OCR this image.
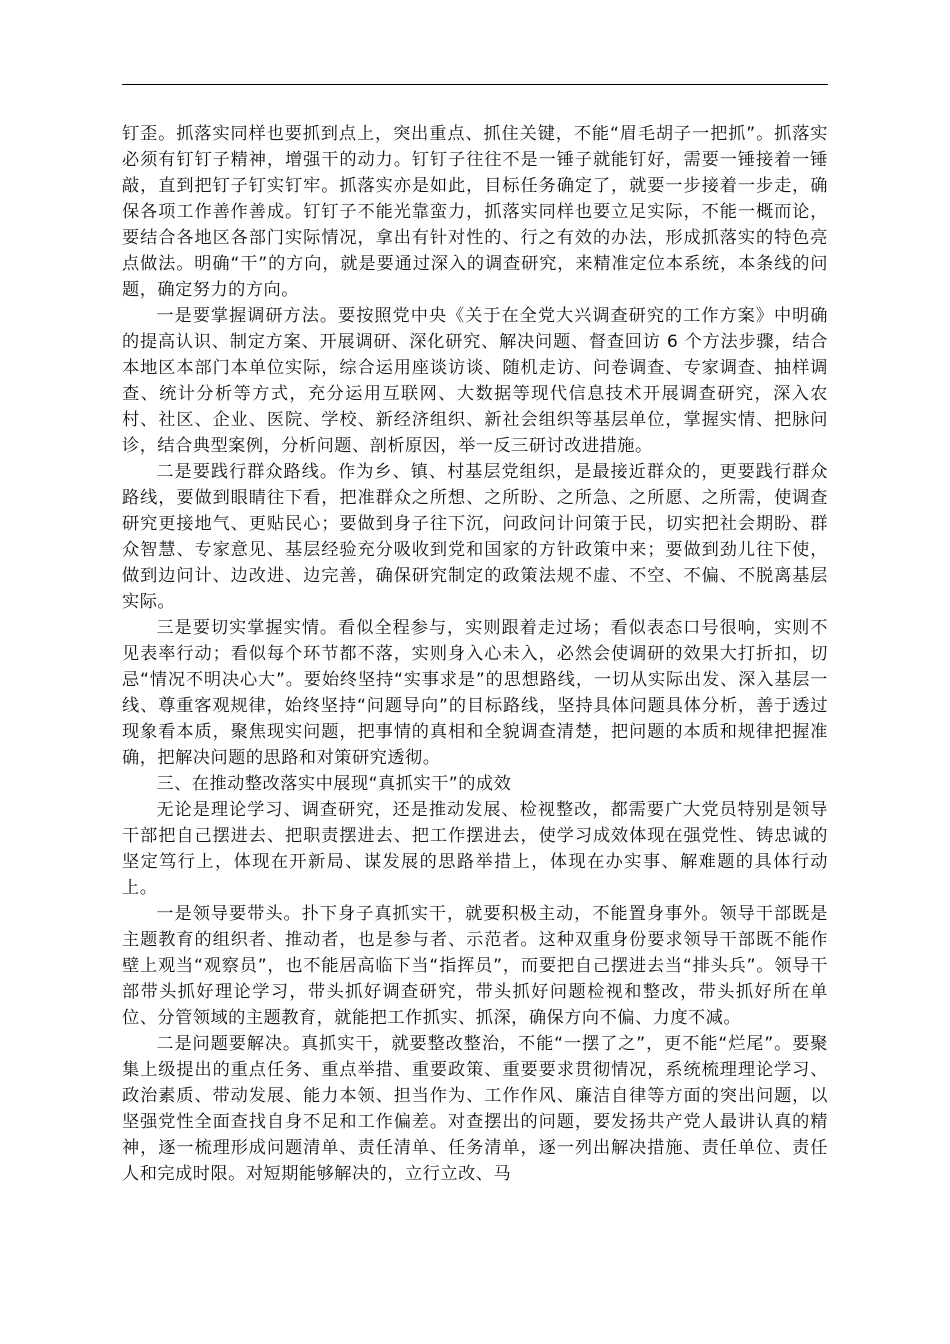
钉歪。抓落实同样也要抓到点上，突出重点、抓住关键，不能“眉毛胡子一把抓”。抓落实必须有钉钉子精神，增强干的动力。钉钉子往往不是一锤子就能钉好，需要一锤接着一锤敲，直到把钉子钉实钉牢。抓落实亦是如此，目标任务确定了，就要一步接着一步走，确保各项工作善作善成。钉钉子不能光靠蛮力，抓落实同样也要立足实际，不能一概而论，要结合各地区各部门实际情况，拿出有针对性的、行之有效的办法，形成抓落实的特色亮点做法。明确“干”的方向，就是要通过深入的调查研究，来精准定位本系统，本条线的问题，确定努力的方向。

一是要掌握调研方法。要按照党中央《关于在全党大兴调查研究的工作方案》中明确的提高认识、制定方案、开展调研、深化研究、解决问题、督查回访 6 个方法步骤，结合本地区本部门本单位实际，综合运用座谈访谈、随机走访、问卷调查、专家调查、抽样调查、统计分析等方式，充分运用互联网、大数据等现代信息技术开展调查研究，深入农村、社区、企业、医院、学校、新经济组织、新社会组织等基层单位，掌握实情、把脉问诊，结合典型案例，分析问题、剖析原因，举一反三研讨改进措施。

二是要践行群众路线。作为乡、镇、村基层党组织，是最接近群众的，更要践行群众路线，要做到眼睛往下看，把准群众之所想、之所盼、之所急、之所愿、之所需，使调查研究更接地气、更贴民心；要做到身子往下沉，问政问计问策于民，切实把社会期盼、群众智慧、专家意见、基层经验充分吸收到党和国家的方针政策中来；要做到劲儿往下使，做到边问计、边改进、边完善，确保研究制定的政策法规不虚、不空、不偏、不脱离基层实际。

三是要切实掌握实情。看似全程参与，实则跟着走过场；看似表态口号很响，实则不见表率行动；看似每个环节都不落，实则身入心未入，必然会使调研的效果大打折扣，切忌“情况不明决心大”。要始终坚持“实事求是”的思想路线，一切从实际出发、深入基层一线、尊重客观规律，始终坚持“问题导向”的目标路线，坚持具体问题具体分析，善于透过现象看本质，聚焦现实问题，把事情的真相和全貌调查清楚，把问题的本质和规律把握准确，把解决问题的思路和对策研究透彻。

三、在推动整改落实中展现“真抓实干”的成效

无论是理论学习、调查研究，还是推动发展、检视整改，都需要广大党员特别是领导干部把自己摆进去、把职责摆进去、把工作摆进去，使学习成效体现在强党性、铸忠诚的坚定笃行上，体现在开新局、谋发展的思路举措上，体现在办实事、解难题的具体行动上。

一是领导要带头。扑下身子真抓实干，就要积极主动，不能置身事外。领导干部既是主题教育的组织者、推动者，也是参与者、示范者。这种双重身份要求领导干部既不能作壁上观当“观察员”，也不能居高临下当“指挥员”，而要把自己摆进去当“排头兵”。领导干部带头抓好理论学习，带头抓好调查研究，带头抓好问题检视和整改，带头抓好所在单位、分管领域的主题教育，就能把工作抓实、抓深，确保方向不偏、力度不减。

二是问题要解决。真抓实干，就要整改整治，不能“一摆了之”，更不能“烂尾”。要聚集上级提出的重点任务、重点举措、重要政策、重要要求贯彻情况，系统梳理理论学习、政治素质、带动发展、能力本领、担当作为、工作作风、廉洁自律等方面的突出问题，以坚强党性全面查找自身不足和工作偏差。对查摆出的问题，要发扬共产党人最讲认真的精神，逐一梳理形成问题清单、责任清单、任务清单，逐一列出解决措施、责任单位、责任人和完成时限。对短期能够解决的，立行立改、马
